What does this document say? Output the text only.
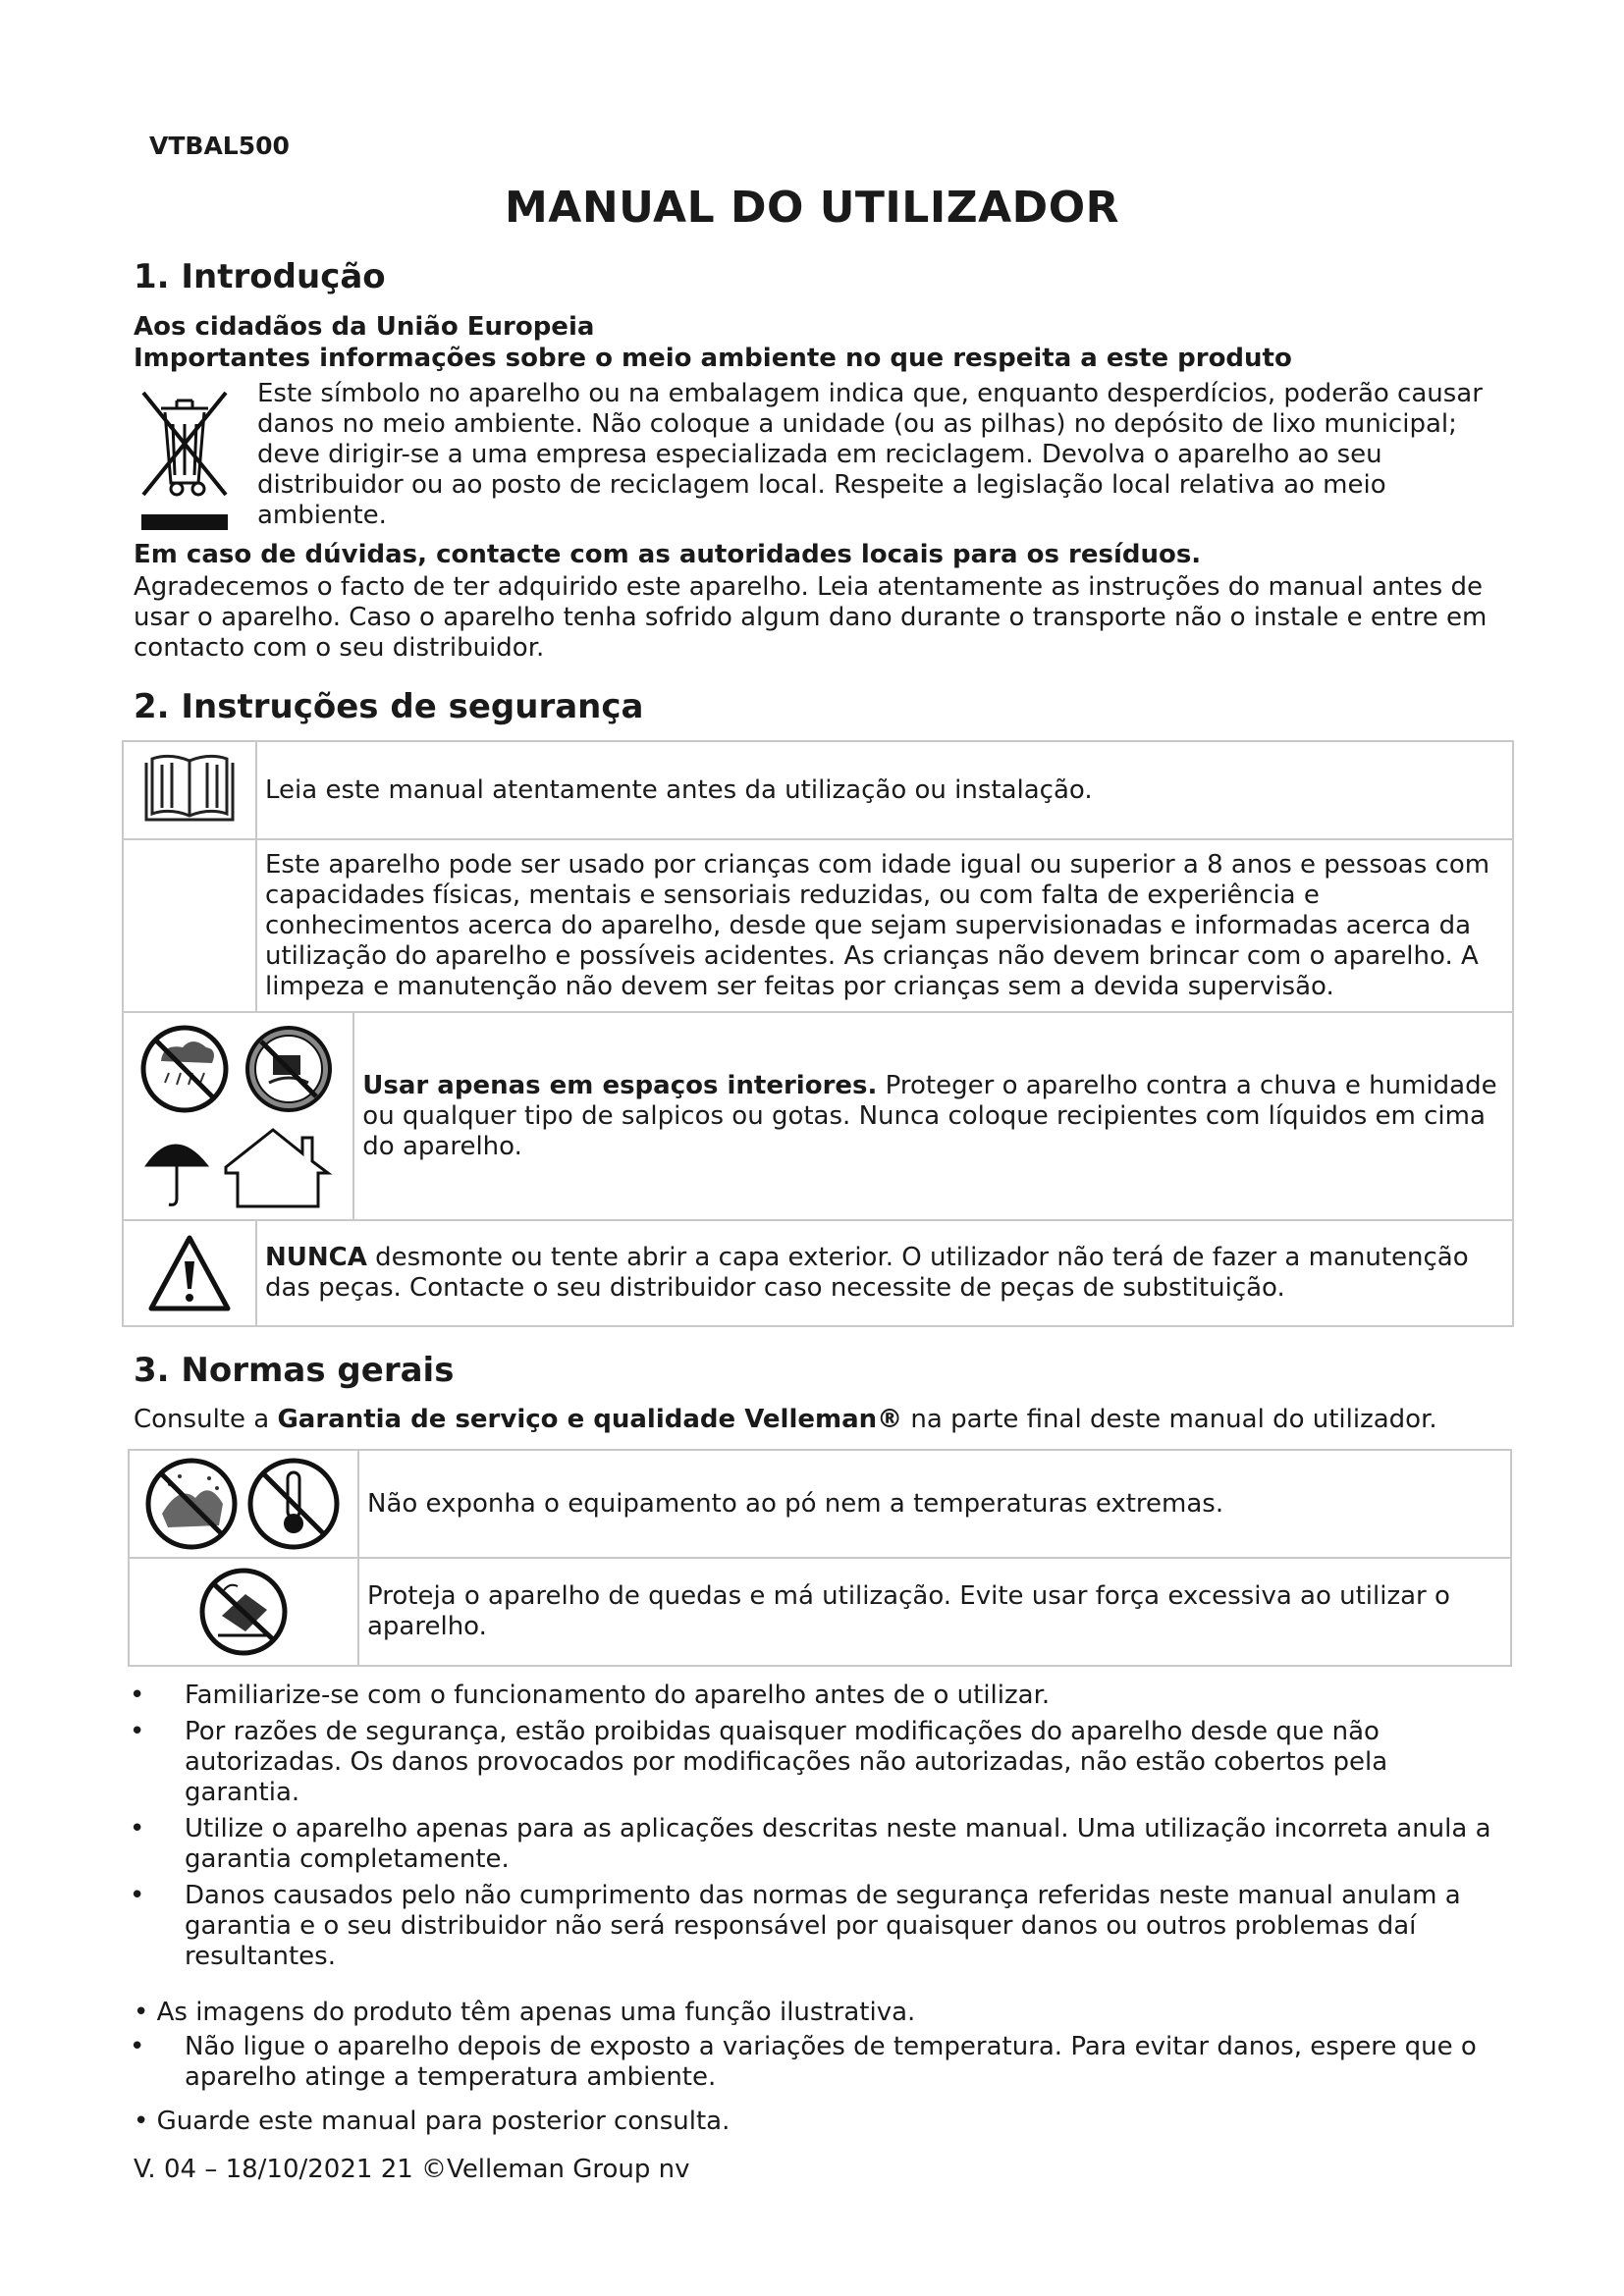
VTBAL500
MANUAL DO UTILIZADOR
1. Introdução
Aos cidadãos da União Europeia
Importantes informações sobre o meio ambiente no que respeita a este produto
Este símbolo no aparelho ou na embalagem indica que, enquanto desperdícios, poderão causar
danos no meio ambiente. Não coloque a unidade (ou as pilhas) no depósito de lixo municipal;
deve dirigir-se a uma empresa especializada em reciclagem. Devolva o aparelho ao seu
distribuidor ou ao posto de reciclagem local. Respeite a legislação local relativa ao meio
ambiente.
Em caso de dúvidas, contacte com as autoridades locais para os resíduos.
Agradecemos o facto de ter adquirido este aparelho. Leia atentamente as instruções do manual antes de
usar o aparelho. Caso o aparelho tenha sofrido algum dano durante o transporte não o instale e entre em
contacto com o seu distribuidor.
2. Instruções de segurança
	Leia este manual atentamente antes da utilização ou instalação.	

	Este aparelho pode ser usado por crianças com idade igual ou superior a 8 anos e pessoas com
capacidades físicas, mentais e sensoriais reduzidas, ou com falta de experiência e
conhecimentos acerca do aparelho, desde que sejam supervisionadas e informadas acerca da
utilização do aparelho e possíveis acidentes. As crianças não devem brincar com o aparelho. A
limpeza e manutenção não devem ser feitas por crianças sem a devida supervisão.	

Usar apenas em espaços interiores. Proteger o aparelho contra a chuva e humidade
ou qualquer tipo de salpicos ou gotas. Nunca coloque recipientes com líquidos em cima
do aparelho.

NUNCA desmonte ou tente abrir a capa exterior. O utilizador não terá de fazer a manutenção
das peças. Contacte o seu distribuidor caso necessite de peças de substituição.	
3. Normas gerais
Consulte a Garantia de serviço e qualidade Velleman® na parte final deste manual do utilizador.
	Não exponha o equipamento ao pó nem a temperaturas extremas.

	Proteja o aparelho de quedas e má utilização. Evite usar força excessiva ao utilizar o aparelho.
• Familiarize-se com o funcionamento do aparelho antes de o utilizar.
• Por razões de segurança, estão proibidas quaisquer modificações do aparelho desde que não
autorizadas. Os danos provocados por modificações não autorizadas, não estão cobertos pela
garantia.
• Utilize o aparelho apenas para as aplicações descritas neste manual. Uma utilização incorreta anula a
garantia completamente.
• Danos causados pelo não cumprimento das normas de segurança referidas neste manual anulam a
garantia e o seu distribuidor não será responsável por quaisquer danos ou outros problemas daí
resultantes.
• As imagens do produto têm apenas uma função ilustrativa.
• Não ligue o aparelho depois de exposto a variações de temperatura. Para evitar danos, espere que o
aparelho atinge a temperatura ambiente.
• Guarde este manual para posterior consulta.
V. 04 – 18/10/2021 21 ©Velleman Group nv
